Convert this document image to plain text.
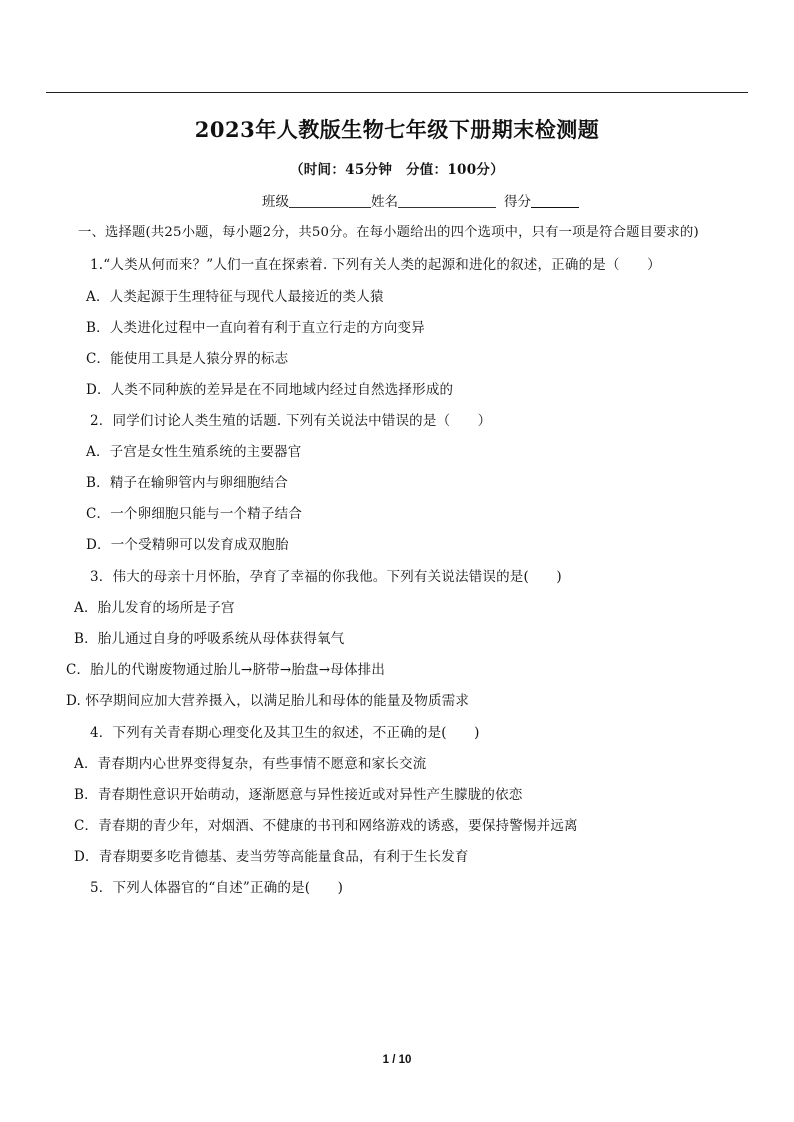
2023年人教版生物七年级下册期末检测题
（时间：45分钟　分值：100分）
班级	姓名	得分
一、选择题(共25小题，每小题2分，共50分。在每小题给出的四个选项中，只有一项是符合题目要求的)
1.“人类从何而来？”人们一直在探索着. 下列有关人类的起源和进化的叙述，正确的是（　　）
A．人类起源于生理特征与现代人最接近的类人猿
B．人类进化过程中一直向着有利于直立行走的方向变异
C．能使用工具是人猿分界的标志
D．人类不同种族的差异是在不同地域内经过自然选择形成的
2．同学们讨论人类生殖的话题. 下列有关说法中错误的是（　　）
A．子宫是女性生殖系统的主要器官
B．精子在输卵管内与卵细胞结合
C．一个卵细胞只能与一个精子结合
D．一个受精卵可以发育成双胞胎
3．伟大的母亲十月怀胎，孕育了幸福的你我他。下列有关说法错误的是(　　)
A．胎儿发育的场所是子宫
B．胎儿通过自身的呼吸系统从母体获得氧气
C．胎儿的代谢废物通过胎儿→脐带→胎盘→母体排出
D. 怀孕期间应加大营养摄入，以满足胎儿和母体的能量及物质需求
4．下列有关青春期心理变化及其卫生的叙述，不正确的是(　　)
A．青春期内心世界变得复杂，有些事情不愿意和家长交流
B．青春期性意识开始萌动，逐渐愿意与异性接近或对异性产生朦胧的依恋
C．青春期的青少年，对烟酒、不健康的书刊和网络游戏的诱惑，要保持警惕并远离
D．青春期要多吃肯德基、麦当劳等高能量食品，有利于生长发育
5．下列人体器官的“自述”正确的是(　　)
1 / 10
